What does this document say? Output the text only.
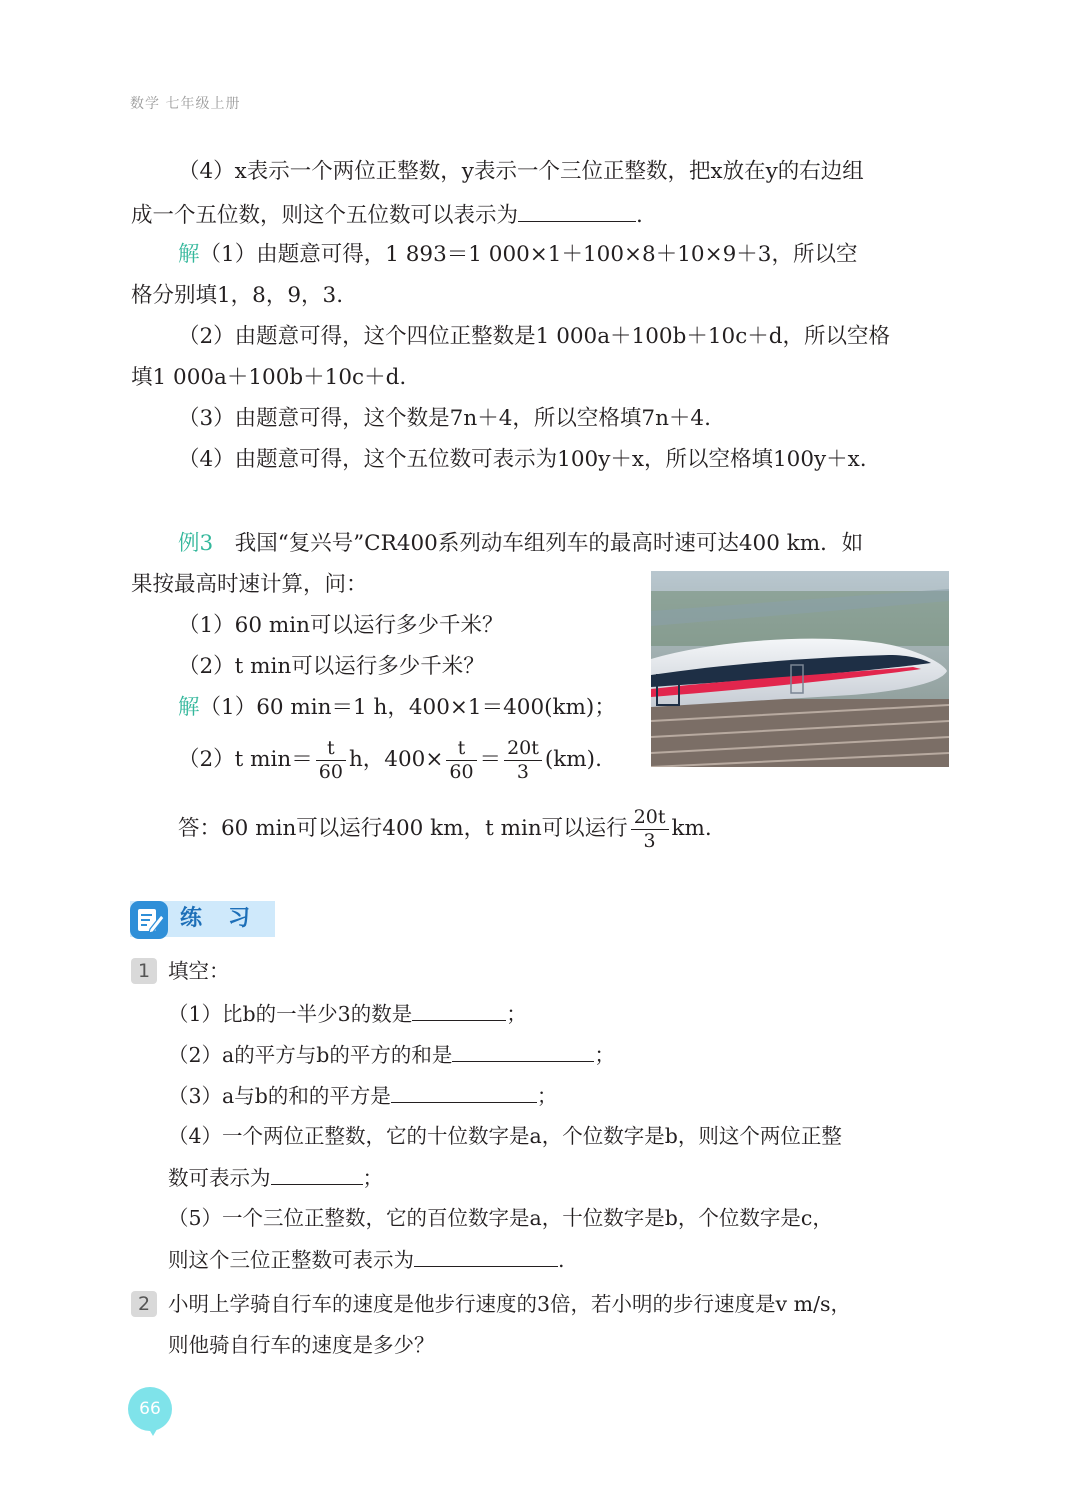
数学 七年级上册
（4）x表示一个两位正整数，y表示一个三位正整数，把x放在y的右边组
成一个五位数，则这个五位数可以表示为	.
解（1）由题意可得，1 893＝1 000×1＋100×8＋10×9＋3，所以空
格分别填1，8，9，3.
（2）由题意可得，这个四位正整数是1 000a＋100b＋10c＋d，所以空格
填1 000a＋100b＋10c＋d.
（3）由题意可得，这个数是7n＋4，所以空格填7n＋4.
（4）由题意可得，这个五位数可表示为100y＋x，所以空格填100y＋x.
例3　 我国“复兴号”CR400系列动车组列车的最高时速可达400 km．如
果按最高时速计算，问：
（1）60 min可以运行多少千米？
（2）t min可以运行多少千米？
解（1）60 min＝1 h，400×1＝400(km)；
（2）t $\min= \frac{t}{60}$ h，$400\times \frac{t}{60} = \frac{20t}{3} (km)$.
答：60 min可以运行400 km，t min可以运行 $\frac{20t}{3}$ km.
练　习
1 填空：
（1）比b的一半少3的数是	；
（2）a的平方与b的平方的和是	；
（3）a与b的和的平方是	；
（4）一个两位正整数，它的十位数字是a，个位数字是b，则这个两位正整
数可表示为	；
（5）一个三位正整数，它的百位数字是a，十位数字是b，个位数字是c，
则这个三位正整数可表示为	.
2 小明上学骑自行车的速度是他步行速度的3倍，若小明的步行速度是v m/s，
则他骑自行车的速度是多少？
66
